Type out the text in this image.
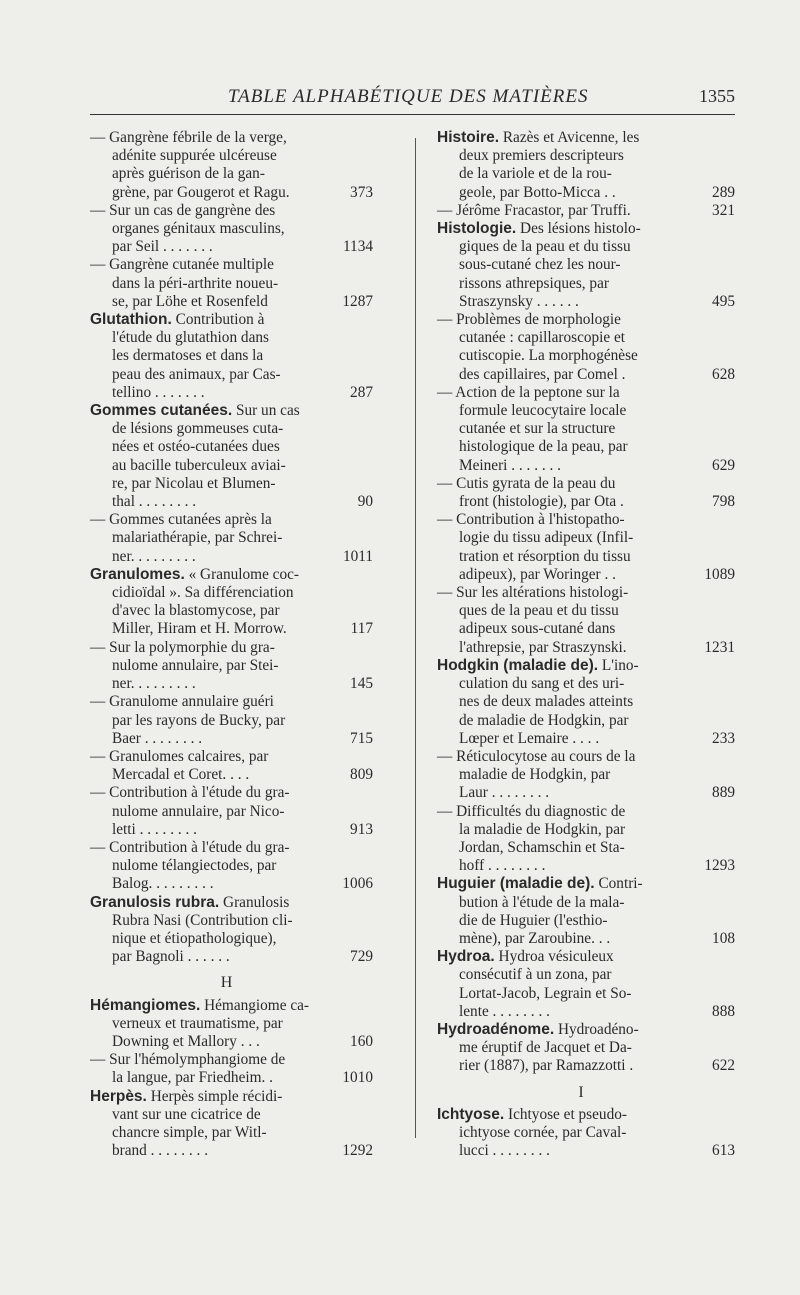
TABLE ALPHABÉTIQUE DES MATIÈRES	1355
— Gangrène fébrile de la verge,
adénite suppurée ulcéreuse
après guérison de la gan-
grène, par Gougerot et Ragu.	373
— Sur un cas de gangrène des
organes génitaux masculins,
par Seil . . . . . . .	1134
— Gangrène cutanée multiple
dans la péri-arthrite noueu-
se, par Löhe et Rosenfeld	1287
Glutathion. Contribution à
l'étude du glutathion dans
les dermatoses et dans la
peau des animaux, par Cas-
tellino . . . . . . .	287
Gommes cutanées. Sur un cas
de lésions gommeuses cuta-
nées et ostéo-cutanées dues
au bacille tuberculeux aviai-
re, par Nicolau et Blumen-
thal . . . . . . . .	90
— Gommes cutanées après la
malariathérapie, par Schrei-
ner. . . . . . . . .	1011
Granulomes. « Granulome coc-
cidioïdal ». Sa différenciation
d'avec la blastomycose, par
Miller, Hiram et H. Morrow.	117
— Sur la polymorphie du gra-
nulome annulaire, par Stei-
ner. . . . . . . . .	145
— Granulome annulaire guéri
par les rayons de Bucky, par
Baer . . . . . . . .	715
— Granulomes calcaires, par
Mercadal et Coret. . . .	809
— Contribution à l'étude du gra-
nulome annulaire, par Nico-
letti . . . . . . . .	913
— Contribution à l'étude du gra-
nulome télangiectodes, par
Balog. . . . . . . . .	1006
Granulosis rubra. Granulosis
Rubra Nasi (Contribution cli-
nique et étiopathologique),
par Bagnoli . . . . . .	729
H
Hémangiomes. Hémangiome ca-
verneux et traumatisme, par
Downing et Mallory . . .	160
— Sur l'hémolymphangiome de
la langue, par Friedheim. .	1010
Herpès. Herpès simple récidi-
vant sur une cicatrice de
chancre simple, par Witl-
brand . . . . . . . .	1292
Histoire. Razès et Avicenne, les
deux premiers descripteurs
de la variole et de la rou-
geole, par Botto-Micca . .	289
— Jérôme Fracastor, par Truffi.	321
Histologie. Des lésions histolo-
giques de la peau et du tissu
sous-cutané chez les nour-
rissons athrepsiques, par
Straszynsky . . . . . .	495
— Problèmes de morphologie
cutanée : capillaroscopie et
cutiscopie. La morphogénèse
des capillaires, par Comel .	628
— Action de la peptone sur la
formule leucocytaire locale
cutanée et sur la structure
histologique de la peau, par
Meineri . . . . . . .	629
— Cutis gyrata de la peau du
front (histologie), par Ota .	798
— Contribution à l'histopatho-
logie du tissu adipeux (Infil-
tration et résorption du tissu
adipeux), par Woringer . .	1089
— Sur les altérations histologi-
ques de la peau et du tissu
adipeux sous-cutané dans
l'athrepsie, par Straszynski.	1231
Hodgkin (maladie de). L'ino-
culation du sang et des uri-
nes de deux malades atteints
de maladie de Hodgkin, par
Lœper et Lemaire . . . .	233
— Réticulocytose au cours de la
maladie de Hodgkin, par
Laur . . . . . . . .	889
— Difficultés du diagnostic de
la maladie de Hodgkin, par
Jordan, Schamschin et Sta-
hoff . . . . . . . .	1293
Huguier (maladie de). Contri-
bution à l'étude de la mala-
die de Huguier (l'esthio-
mène), par Zaroubine. . .	108
Hydroa. Hydroa vésiculeux
consécutif à un zona, par
Lortat-Jacob, Legrain et So-
lente . . . . . . . .	888
Hydroadénome. Hydroadéno-
me éruptif de Jacquet et Da-
rier (1887), par Ramazzotti .	622
I
Ichtyose. Ichtyose et pseudo-
ichtyose cornée, par Caval-
lucci . . . . . . . .	613
